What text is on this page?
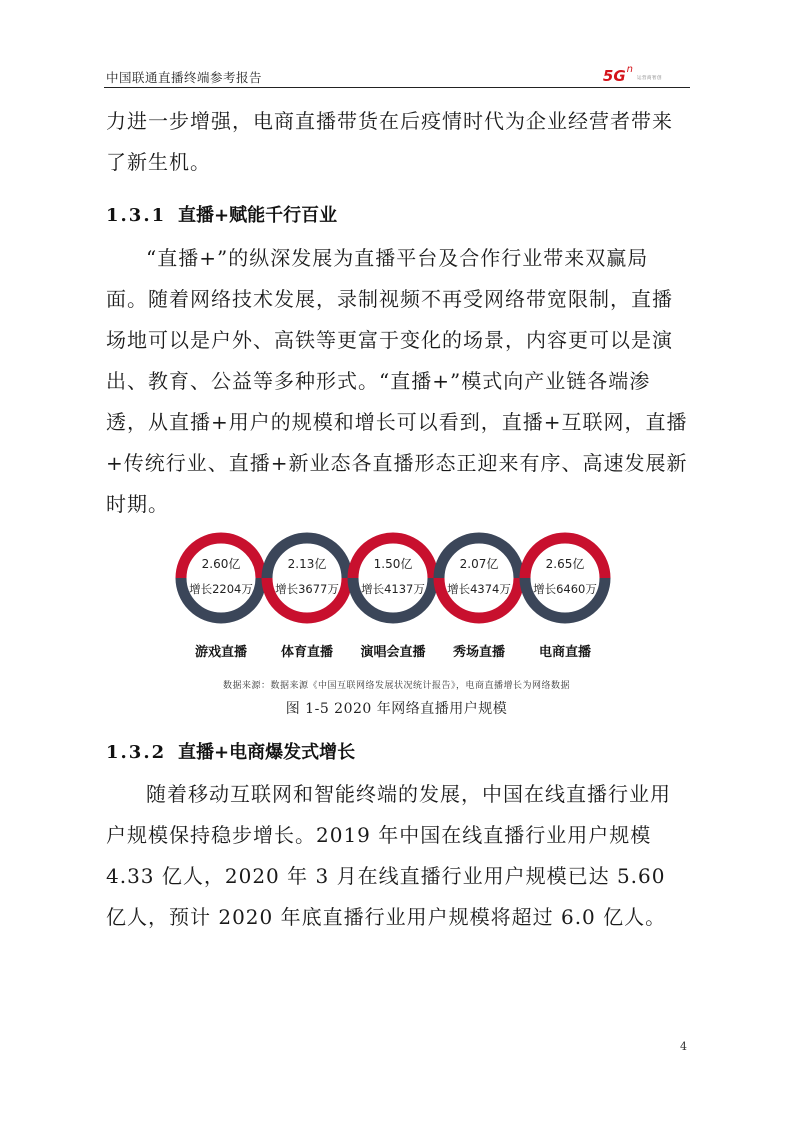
中国联通直播终端参考报告	5G n
运营商智创

力进一步增强，电商直播带货在后疫情时代为企业经营者带来了新生机。

1.3.1 直播+赋能千行百业

“直播+”的纵深发展为直播平台及合作行业带来双赢局面。随着网络技术发展，录制视频不再受网络带宽限制，直播场地可以是户外、高铁等更富于变化的场景，内容更可以是演出、教育、公益等多种形式。“直播+”模式向产业链各端渗透，从直播+用户的规模和增长可以看到，直播+互联网，直播+传统行业、直播+新业态各直播形态正迎来有序、高速发展新时期。

2.60亿
增长2204万
游戏直播
2.13亿
增长3677万
体育直播
1.50亿
增长4137万
演唱会直播
2.07亿
增长4374万
秀场直播
2.65亿
增长6460万
电商直播
数据来源：数据来源《中国互联网络发展状况统计报告》，电商直播增长为网络数据
图 1-5 2020 年网络直播用户规模
1.3.2 直播+电商爆发式增长

随着移动互联网和智能终端的发展，中国在线直播行业用户规模保持稳步增长。2019 年中国在线直播行业用户规模 4.33 亿人，2020 年 3 月在线直播行业用户规模已达 5.60 亿人，预计 2020 年底直播行业用户规模将超过 6.0 亿人。

4
